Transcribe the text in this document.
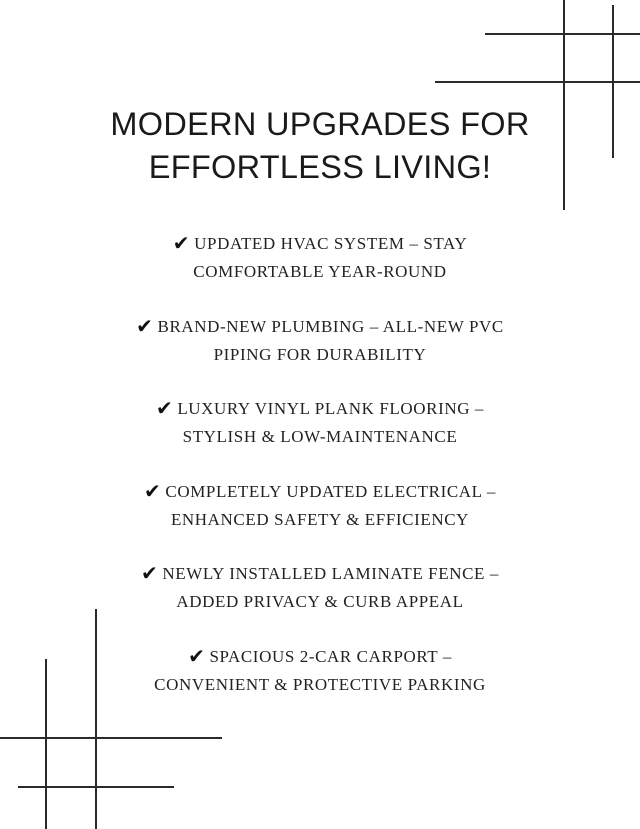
MODERN UPGRADES FOR
EFFORTLESS LIVING!
✔ UPDATED HVAC SYSTEM – STAY
COMFORTABLE YEAR-ROUND
✔ BRAND-NEW PLUMBING – ALL-NEW PVC
PIPING FOR DURABILITY
✔ LUXURY VINYL PLANK FLOORING –
STYLISH & LOW-MAINTENANCE
✔ COMPLETELY UPDATED ELECTRICAL –
ENHANCED SAFETY & EFFICIENCY
✔ NEWLY INSTALLED LAMINATE FENCE –
ADDED PRIVACY & CURB APPEAL
✔ SPACIOUS 2-CAR CARPORT –
CONVENIENT & PROTECTIVE PARKING
